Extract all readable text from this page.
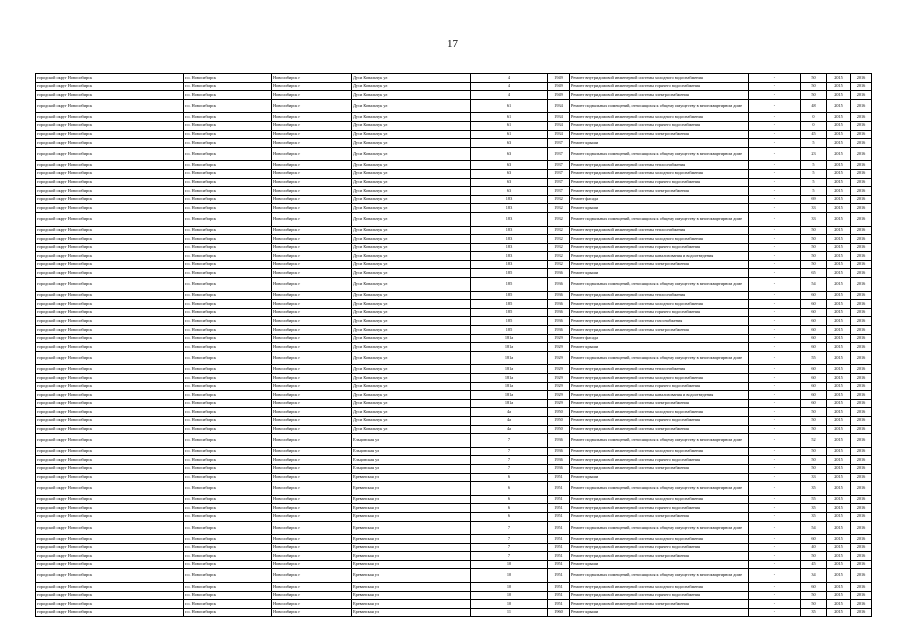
17
городской округ Новосибирск	г.о. Новосибирск	Новосибирск г	Дуси Ковальчук ул	4	1949	Ремонт внутридомовой инженерной системы холодного водоснабжения	-	50	2015	2016
городской округ Новосибирск	г.о. Новосибирск	Новосибирск г	Дуси Ковальчук ул	4	1949	Ремонт внутридомовой инженерной системы горячего водоснабжения	-	50	2015	2016
городской округ Новосибирск	г.о. Новосибирск	Новосибирск г	Дуси Ковальчук ул	4	1949	Ремонт внутридомовой инженерной системы электроснабжения	-	50	2015	2016
городской округ Новосибирск	г.о. Новосибирск	Новосибирск г	Дуси Ковальчук ул	61	1934	Ремонт подвальных помещений, относящихся к общему имуществу в многоквартирном доме	-	48	2015	2016
городской округ Новосибирск	г.о. Новосибирск	Новосибирск г	Дуси Ковальчук ул	61	1934	Ремонт внутридомовой инженерной системы холодного водоснабжения	-	0	2015	2016
городской округ Новосибирск	г.о. Новосибирск	Новосибирск г	Дуси Ковальчук ул	61	1934	Ремонт внутридомовой инженерной системы горячего водоснабжения	-	0	2015	2016
городской округ Новосибирск	г.о. Новосибирск	Новосибирск г	Дуси Ковальчук ул	61	1934	Ремонт внутридомовой инженерной системы электроснабжения	-	45	2015	2016
городской округ Новосибирск	г.о. Новосибирск	Новосибирск г	Дуси Ковальчук ул	63	1937	Ремонт крыши	-	5	2015	2016
городской округ Новосибирск	г.о. Новосибирск	Новосибирск г	Дуси Ковальчук ул	63	1937	Ремонт подвальных помещений, относящихся к общему имуществу в многоквартирном доме	-	23	2015	2016
городской округ Новосибирск	г.о. Новосибирск	Новосибирск г	Дуси Ковальчук ул	63	1937	Ремонт внутридомовой инженерной системы теплоснабжения	-	5	2015	2016
городской округ Новосибирск	г.о. Новосибирск	Новосибирск г	Дуси Ковальчук ул	63	1937	Ремонт внутридомовой инженерной системы холодного водоснабжения	-	5	2015	2016
городской округ Новосибирск	г.о. Новосибирск	Новосибирск г	Дуси Ковальчук ул	63	1937	Ремонт внутридомовой инженерной системы горячего водоснабжения	-	5	2015	2016
городской округ Новосибирск	г.о. Новосибирск	Новосибирск г	Дуси Ковальчук ул	63	1937	Ремонт внутридомовой инженерной системы электроснабжения	-	5	2015	2016
городской округ Новосибирск	г.о. Новосибирск	Новосибирск г	Дуси Ковальчук ул	183	1932	Ремонт фасада	-	69	2015	2016
городской округ Новосибирск	г.о. Новосибирск	Новосибирск г	Дуси Ковальчук ул	183	1932	Ремонт крыши	-	33	2015	2016
городской округ Новосибирск	г.о. Новосибирск	Новосибирск г	Дуси Ковальчук ул	183	1932	Ремонт подвальных помещений, относящихся к общему имуществу в многоквартирном доме	-	33	2015	2016
городской округ Новосибирск	г.о. Новосибирск	Новосибирск г	Дуси Ковальчук ул	183	1932	Ремонт внутридомовой инженерной системы теплоснабжения	-	50	2015	2016
городской округ Новосибирск	г.о. Новосибирск	Новосибирск г	Дуси Ковальчук ул	183	1932	Ремонт внутридомовой инженерной системы холодного водоснабжения	-	50	2015	2016
городской округ Новосибирск	г.о. Новосибирск	Новосибирск г	Дуси Ковальчук ул	183	1932	Ремонт внутридомовой инженерной системы горячего водоснабжения	-	50	2015	2016
городской округ Новосибирск	г.о. Новосибирск	Новосибирск г	Дуси Ковальчук ул	183	1932	Ремонт внутридомовой инженерной системы канализования и водоотведения	-	50	2015	2016
городской округ Новосибирск	г.о. Новосибирск	Новосибирск г	Дуси Ковальчук ул	183	1932	Ремонт внутридомовой инженерной системы электроснабжения	-	50	2015	2016
городской округ Новосибирск	г.о. Новосибирск	Новосибирск г	Дуси Ковальчук ул	185	1936	Ремонт крыши	-	65	2015	2016
городской округ Новосибирск	г.о. Новосибирск	Новосибирск г	Дуси Ковальчук ул	185	1936	Ремонт подвальных помещений, относящихся к общему имуществу в многоквартирном доме	-	54	2015	2016
городской округ Новосибирск	г.о. Новосибирск	Новосибирск г	Дуси Ковальчук ул	185	1936	Ремонт внутридомовой инженерной системы теплоснабжения	-	60	2015	2016
городской округ Новосибирск	г.о. Новосибирск	Новосибирск г	Дуси Ковальчук ул	185	1936	Ремонт внутридомовой инженерной системы холодного водоснабжения	-	60	2015	2016
городской округ Новосибирск	г.о. Новосибирск	Новосибирск г	Дуси Ковальчук ул	185	1936	Ремонт внутридомовой инженерной системы горячего водоснабжения	-	60	2015	2016
городской округ Новосибирск	г.о. Новосибирск	Новосибирск г	Дуси Ковальчук ул	185	1936	Ремонт внутридомовой инженерной системы газоснабжения	-	60	2015	2016
городской округ Новосибирск	г.о. Новосибирск	Новосибирск г	Дуси Ковальчук ул	185	1936	Ремонт внутридомовой инженерной системы электроснабжения	-	60	2015	2016
городской округ Новосибирск	г.о. Новосибирск	Новосибирск г	Дуси Ковальчук ул	181а	1929	Ремонт фасада	-	60	2015	2016
городской округ Новосибирск	г.о. Новосибирск	Новосибирск г	Дуси Ковальчук ул	181а	1929	Ремонт крыши	-	60	2015	2016
городской округ Новосибирск	г.о. Новосибирск	Новосибирск г	Дуси Ковальчук ул	181а	1929	Ремонт подвальных помещений, относящихся к общему имуществу в многоквартирном доме	-	55	2015	2016
городской округ Новосибирск	г.о. Новосибирск	Новосибирск г	Дуси Ковальчук ул	181а	1929	Ремонт внутридомовой инженерной системы теплоснабжения	-	60	2015	2016
городской округ Новосибирск	г.о. Новосибирск	Новосибирск г	Дуси Ковальчук ул	181а	1929	Ремонт внутридомовой инженерной системы холодного водоснабжения	-	60	2015	2016
городской округ Новосибирск	г.о. Новосибирск	Новосибирск г	Дуси Ковальчук ул	181а	1929	Ремонт внутридомовой инженерной системы горячего водоснабжения	-	60	2015	2016
городской округ Новосибирск	г.о. Новосибирск	Новосибирск г	Дуси Ковальчук ул	181а	1929	Ремонт внутридомовой инженерной системы канализования и водоотведения	-	60	2015	2016
городской округ Новосибирск	г.о. Новосибирск	Новосибирск г	Дуси Ковальчук ул	181а	1929	Ремонт внутридомовой инженерной системы электроснабжения	-	60	2015	2016
городской округ Новосибирск	г.о. Новосибирск	Новосибирск г	Дуси Ковальчук ул	4а	1950	Ремонт внутридомовой инженерной системы холодного водоснабжения	-	50	2015	2016
городской округ Новосибирск	г.о. Новосибирск	Новосибирск г	Дуси Ковальчук ул	4а	1950	Ремонт внутридомовой инженерной системы горячего водоснабжения	-	50	2015	2016
городской округ Новосибирск	г.о. Новосибирск	Новосибирск г	Дуси Ковальчук ул	4а	1950	Ремонт внутридомовой инженерной системы электроснабжения	-	50	2015	2016
городской округ Новосибирск	г.о. Новосибирск	Новосибирск г	Ельцовская ул	7	1936	Ремонт подвальных помещений, относящихся к общему имуществу в многоквартирном доме	-	52	2015	2016
городской округ Новосибирск	г.о. Новосибирск	Новосибирск г	Ельцовская ул	7	1936	Ремонт внутридомовой инженерной системы холодного водоснабжения	-	50	2015	2016
городской округ Новосибирск	г.о. Новосибирск	Новосибирск г	Ельцовская ул	7	1936	Ремонт внутридомовой инженерной системы горячего водоснабжения	-	50	2015	2016
городской округ Новосибирск	г.о. Новосибирск	Новосибирск г	Ельцовская ул	7	1936	Ремонт внутридомовой инженерной системы электроснабжения	-	50	2015	2016
городской округ Новосибирск	г.о. Новосибирск	Новосибирск г	Ереванская ул	6	1951	Ремонт крыши	-	33	2015	2016
городской округ Новосибирск	г.о. Новосибирск	Новосибирск г	Ереванская ул	6	1951	Ремонт подвальных помещений, относящихся к общему имуществу в многоквартирном доме	-	35	2015	2016
городской округ Новосибирск	г.о. Новосибирск	Новосибирск г	Ереванская ул	6	1951	Ремонт внутридомовой инженерной системы холодного водоснабжения	-	55	2015	2016
городской округ Новосибирск	г.о. Новосибирск	Новосибирск г	Ереванская ул	6	1951	Ремонт внутридомовой инженерной системы горячего водоснабжения	-	35	2015	2016
городской округ Новосибирск	г.о. Новосибирск	Новосибирск г	Ереванская ул	6	1951	Ремонт внутридомовой инженерной системы электроснабжения	-	35	2015	2016
городской округ Новосибирск	г.о. Новосибирск	Новосибирск г	Ереванская ул	7	1951	Ремонт подвальных помещений, относящихся к общему имуществу в многоквартирном доме	-	54	2015	2016
городской округ Новосибирск	г.о. Новосибирск	Новосибирск г	Ереванская ул	7	1951	Ремонт внутридомовой инженерной системы холодного водоснабжения	-	60	2015	2016
городской округ Новосибирск	г.о. Новосибирск	Новосибирск г	Ереванская ул	7	1951	Ремонт внутридомовой инженерной системы горячего водоснабжения	-	40	2015	2016
городской округ Новосибирск	г.о. Новосибирск	Новосибирск г	Ереванская ул	7	1951	Ремонт внутридомовой инженерной системы электроснабжения	-	50	2015	2016
городской округ Новосибирск	г.о. Новосибирск	Новосибирск г	Ереванская ул	10	1951	Ремонт крыши	-	45	2015	2016
городской округ Новосибирск	г.о. Новосибирск	Новосибирск г	Ереванская ул	10	1951	Ремонт подвальных помещений, относящихся к общему имуществу в многоквартирном доме	-	34	2015	2016
городской округ Новосибирск	г.о. Новосибирск	Новосибирск г	Ереванская ул	10	1951	Ремонт внутридомовой инженерной системы холодного водоснабжения	-	60	2015	2016
городской округ Новосибирск	г.о. Новосибирск	Новосибирск г	Ереванская ул	10	1951	Ремонт внутридомовой инженерной системы горячего водоснабжения	-	50	2015	2016
городской округ Новосибирск	г.о. Новосибирск	Новосибирск г	Ереванская ул	10	1951	Ремонт внутридомовой инженерной системы электроснабжения	-	50	2015	2016
городской округ Новосибирск	г.о. Новосибирск	Новосибирск г	Ереванская ул	11	1960	Ремонт крыши	-	35	2015	2016
